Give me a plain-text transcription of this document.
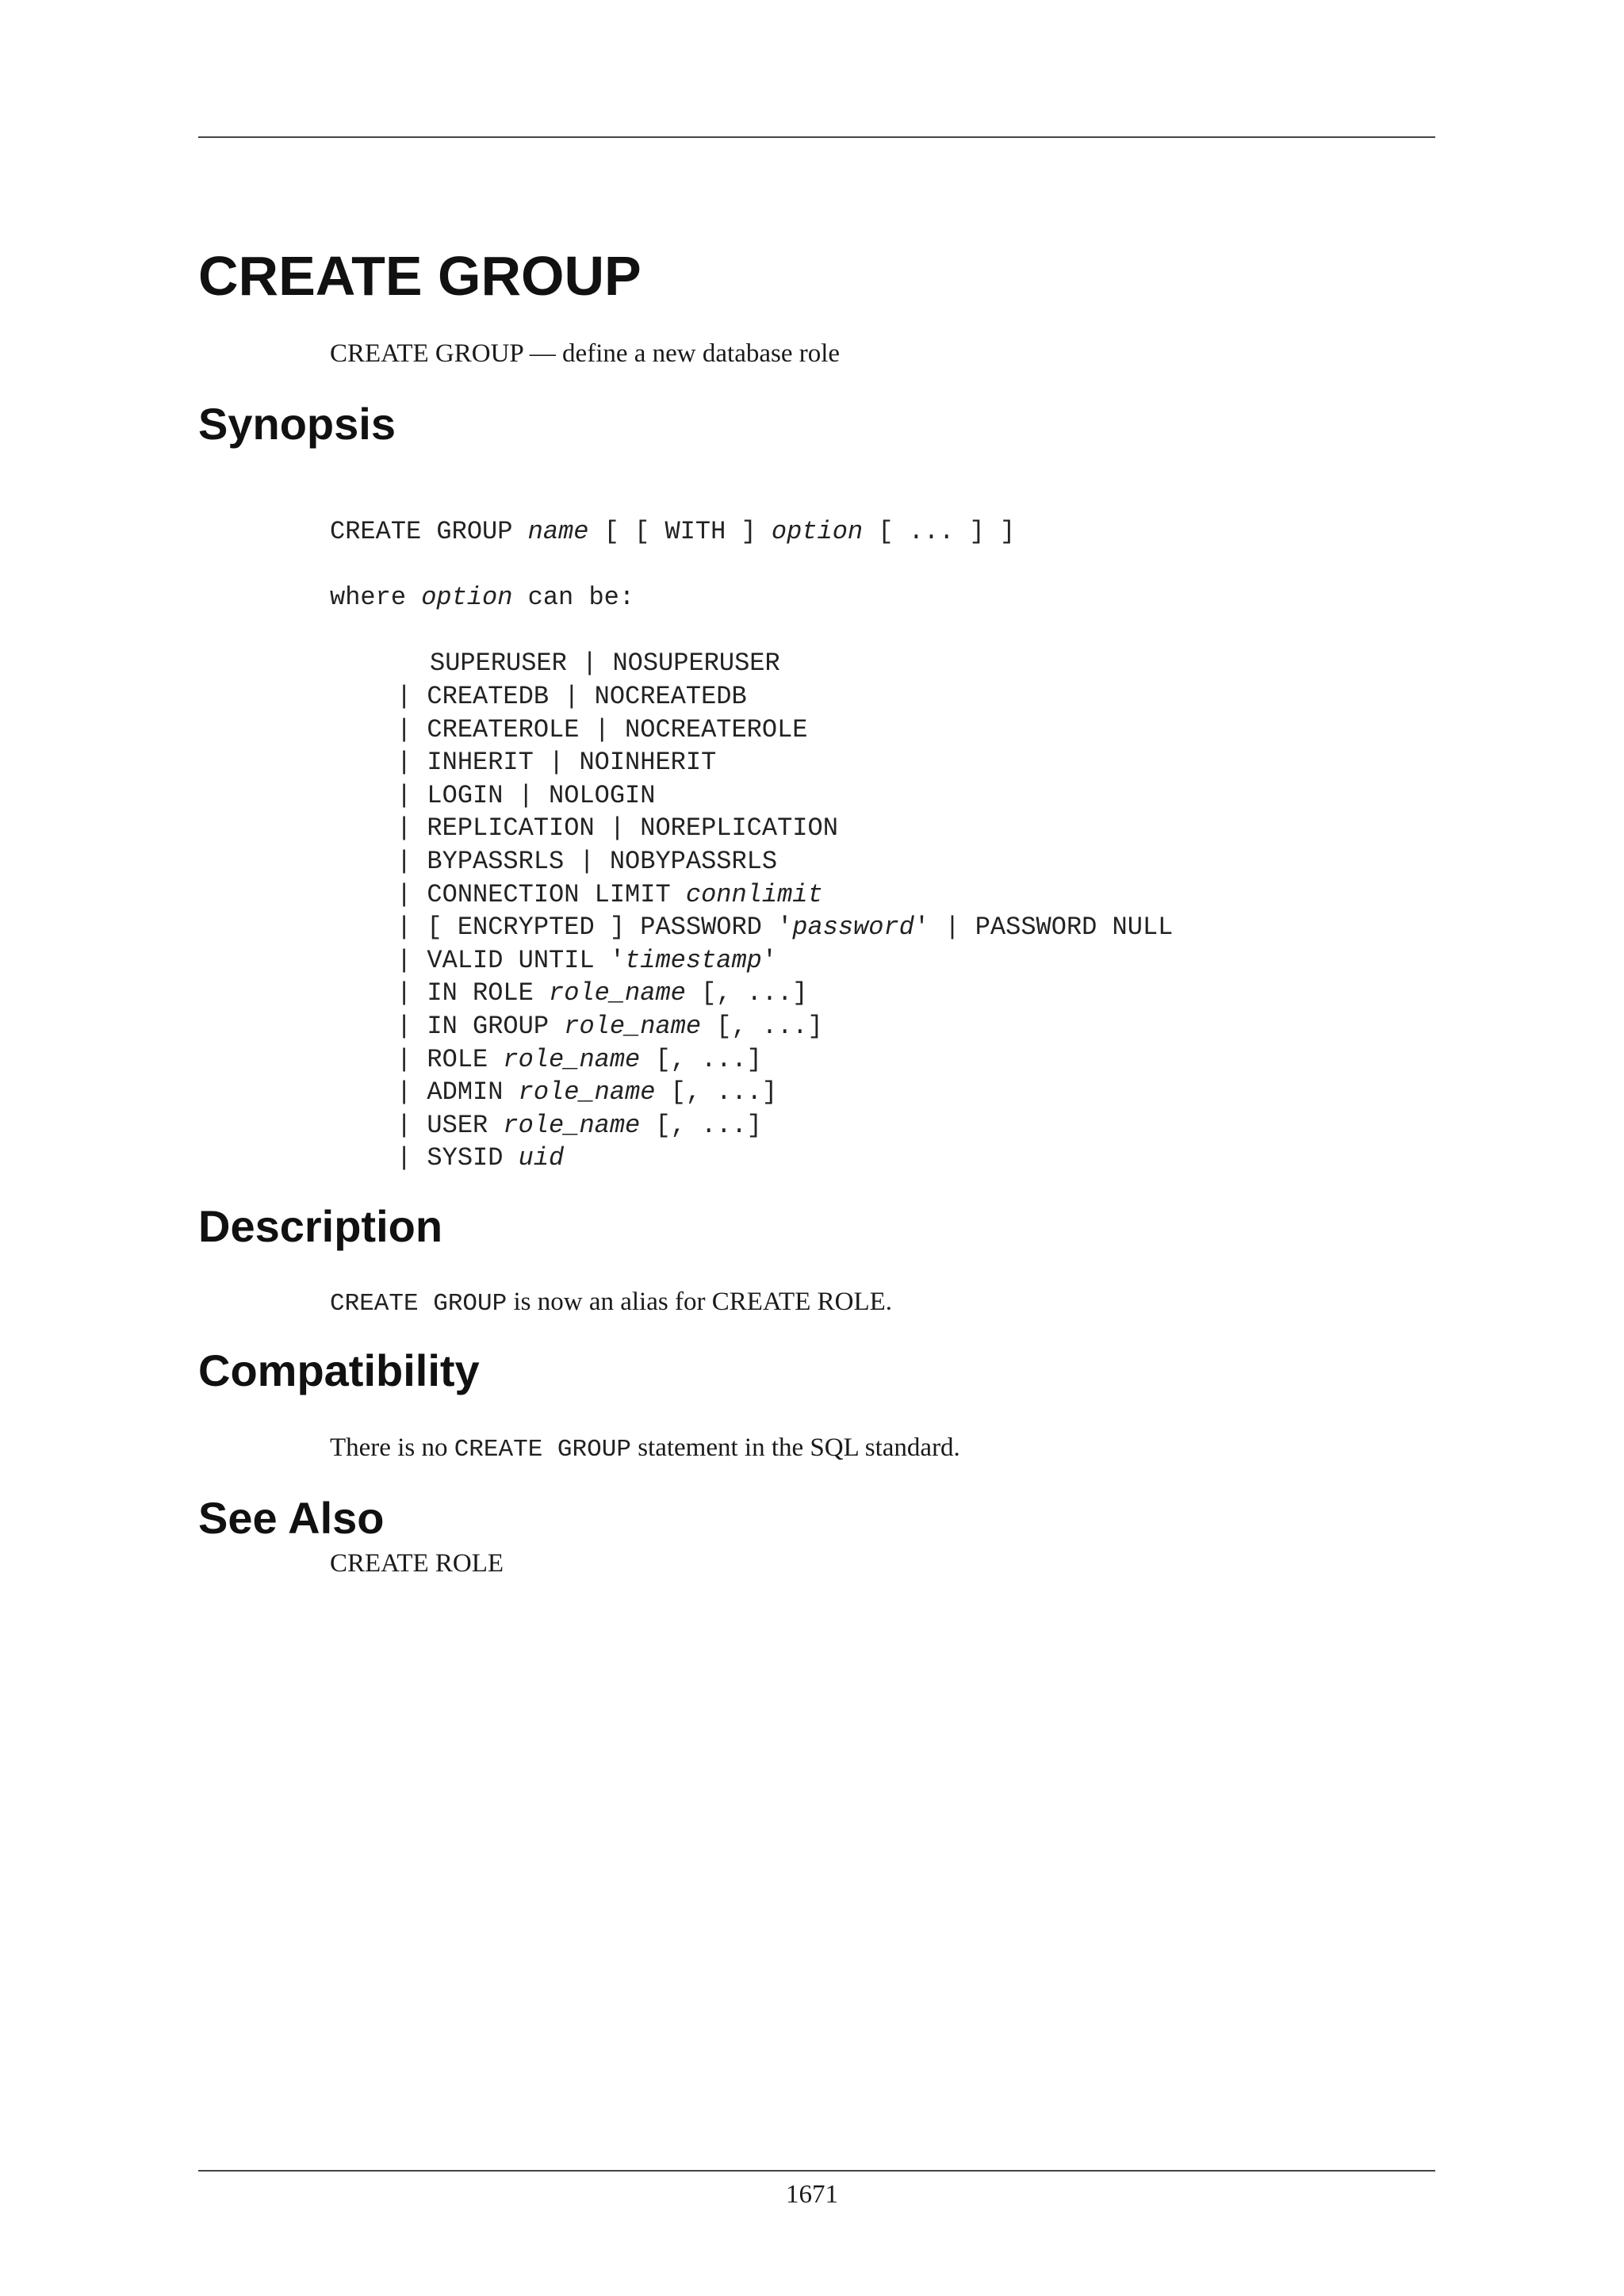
CREATE GROUP

CREATE GROUP — define a new database role

Synopsis
CREATE GROUP name [ [ WITH ] option [ ... ] ]
where option can be:
SUPERUSER | NOSUPERUSER
| CREATEDB | NOCREATEDB
| CREATEROLE | NOCREATEROLE
| INHERIT | NOINHERIT
| LOGIN | NOLOGIN
| REPLICATION | NOREPLICATION
| BYPASSRLS | NOBYPASSRLS
| CONNECTION LIMIT connlimit
| [ ENCRYPTED ] PASSWORD 'password' | PASSWORD NULL
| VALID UNTIL 'timestamp'
| IN ROLE role_name [, ...]
| IN GROUP role_name [, ...]
| ROLE role_name [, ...]
| ADMIN role_name [, ...]
| USER role_name [, ...]
| SYSID uid
Description

CREATE GROUP is now an alias for CREATE ROLE.

Compatibility

There is no CREATE GROUP statement in the SQL standard.

See Also

CREATE ROLE

1671
